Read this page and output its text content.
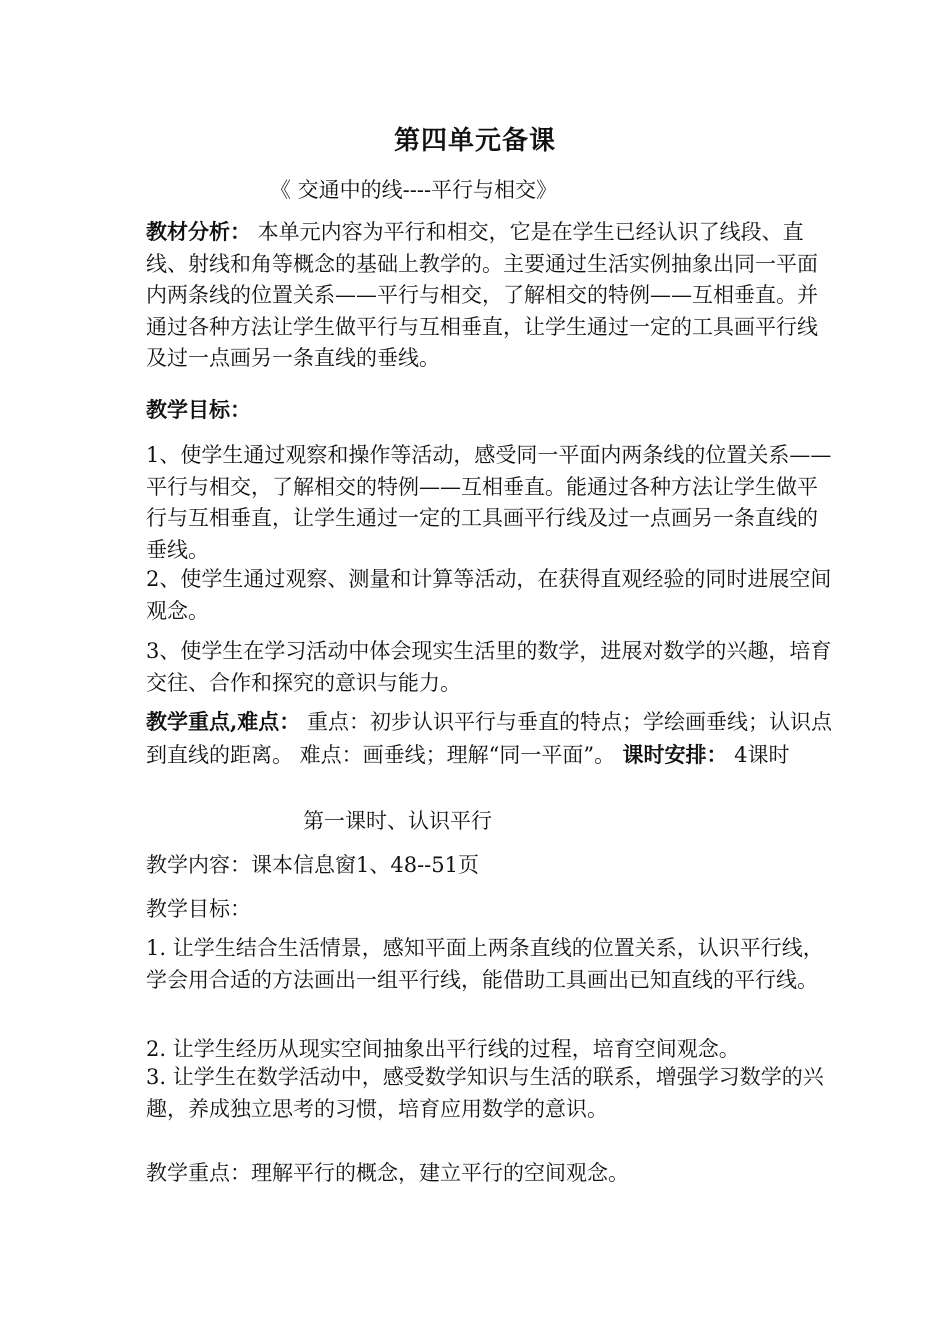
第四单元备课
《 交通中的线----平行与相交》
教材分析： 本单元内容为平行和相交，它是在学生已经认识了线段、直线、射线和角等概念的基础上教学的。主要通过生活实例抽象出同一平面内两条线的位置关系——平行与相交，了解相交的特例——互相垂直。并通过各种方法让学生做平行与互相垂直，让学生通过一定的工具画平行线及过一点画另一条直线的垂线。
教学目标：
1、使学生通过观察和操作等活动，感受同一平面内两条线的位置关系——平行与相交，了解相交的特例——互相垂直。能通过各种方法让学生做平行与互相垂直，让学生通过一定的工具画平行线及过一点画另一条直线的垂线。
2、使学生通过观察、测量和计算等活动，在获得直观经验的同时进展空间观念。
3、使学生在学习活动中体会现实生活里的数学，进展对数学的兴趣，培育交往、合作和探究的意识与能力。
教学重点,难点： 重点：初步认识平行与垂直的特点；学绘画垂线；认识点到直线的距离。 难点：画垂线；理解“同一平面”。 课时安排： 4课时
第一课时、认识平行
教学内容：课本信息窗1、48--51页
教学目标：
1. 让学生结合生活情景，感知平面上两条直线的位置关系，认识平行线，学会用合适的方法画出一组平行线，能借助工具画出已知直线的平行线。
2. 让学生经历从现实空间抽象出平行线的过程，培育空间观念。
3. 让学生在数学活动中，感受数学知识与生活的联系，增强学习数学的兴趣，养成独立思考的习惯，培育应用数学的意识。
教学重点：理解平行的概念，建立平行的空间观念。
